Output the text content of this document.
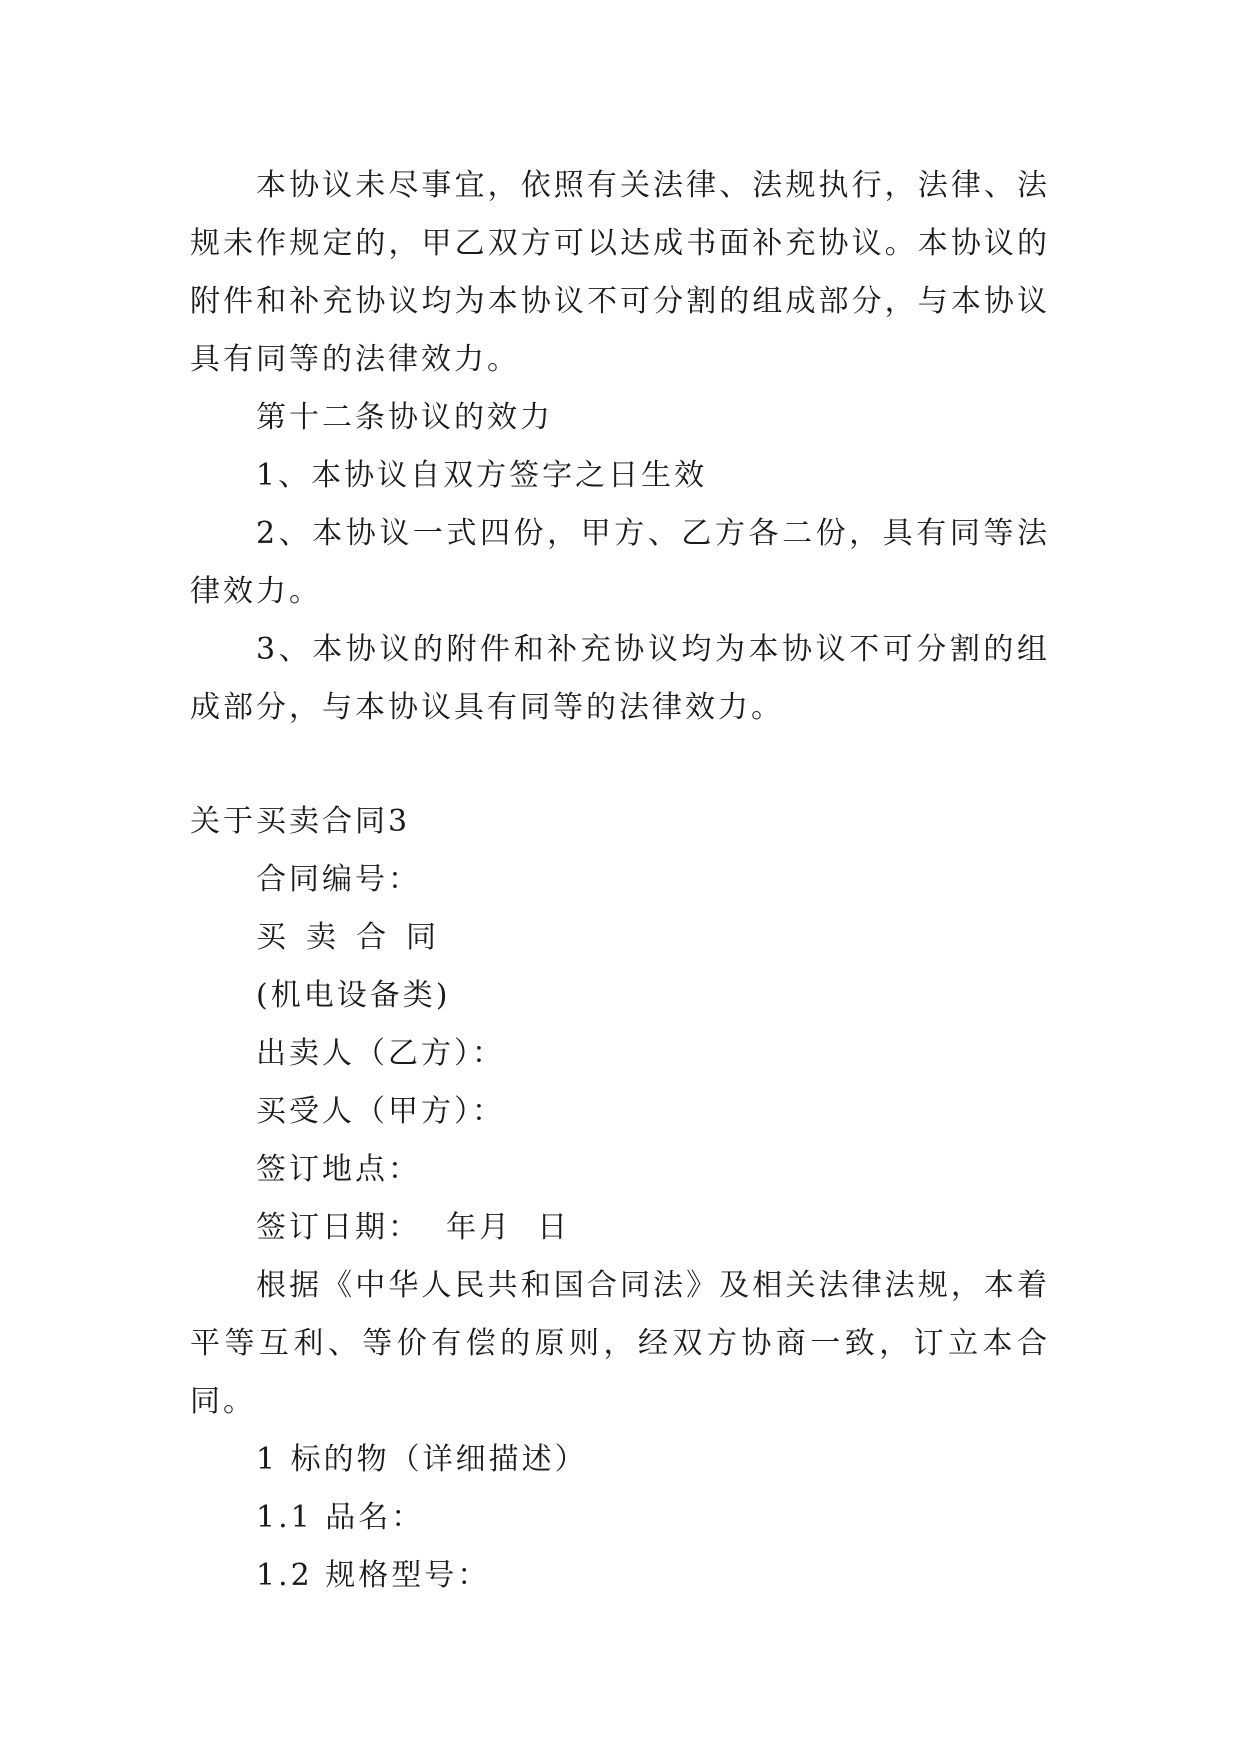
本协议未尽事宜，依照有关法律、法规执行，法律、法规未作规定的，甲乙双方可以达成书面补充协议。本协议的附件和补充协议均为本协议不可分割的组成部分，与本协议具有同等的法律效力。

第十二条协议的效力

1、本协议自双方签字之日生效

2、本协议一式四份，甲方、乙方各二份，具有同等法律效力。

3、本协议的附件和补充协议均为本协议不可分割的组成部分，与本协议具有同等的法律效力。

关于买卖合同3

合同编号：

买卖合同

(机电设备类)

出卖人（乙方）：

买受人（甲方）：

签订地点：

签订日期：  年月  日

根据《中华人民共和国合同法》及相关法律法规，本着平等互利、等价有偿的原则，经双方协商一致，订立本合同。

1 标的物（详细描述）

1.1 品名：

1.2 规格型号：
